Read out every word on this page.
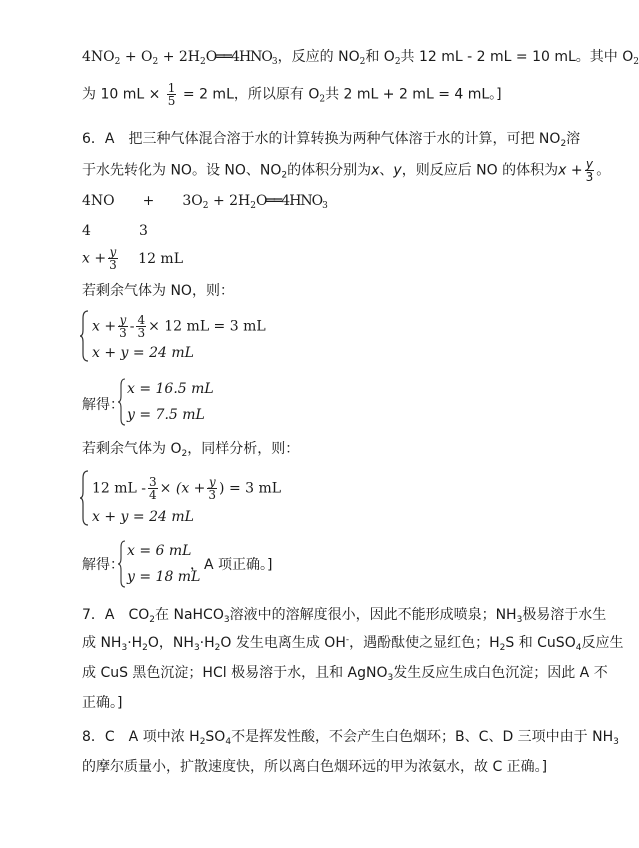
$4NO_2 + O_2$ + $2H_2O══4HNO_3$，反应的 $NO_2$和 $O_2$共 12 mL - 2 mL = 10 mL。其中 $O_2$
为 10 mL × $\frac{1}{5} = 2$ mL，所以原有 $O_2$共 2 mL + 2 mL = 4 mL。]
6．A　把三种气体混合溶于水的计算转换为两种气体溶于水的计算，可把 $NO_2$溶
于水先转化为 NO。设 NO、$NO_2$的体积分别为x、y，则反应后 NO 的体积为$x + \frac{y}{3}$ 。
4NO　　+　　$3O_2$ + $2H_2O══4HNO_3$
4	3
$x + \frac{y}{3} 12$ mL
若剩余气体为 NO，则：
$x + \frac{y}{3} - \frac{4}{3} \times 12$ mL = 3 mL
x + y = 24 mL
解得：
x = 16.5 mL
y = 7.5 mL
若剩余气体为 $O_2$，同样分析，则：
12 mL - $\frac{3}{4} \times (x + \frac{y}{3}$ ) = 3 mL
x + y = 24 mL
解得：
x = 6 mL
y = 18 mL
，A 项正确。]
7．A　$CO_2$在 NaHCO$_3$溶液中的溶解度很小，因此不能形成喷泉；$NH_3$极易溶于水生
成 $NH_3\cdot H_2O$，$NH_3\cdot H_2O$ 发生电离生成 OH-，遇酚酞使之显红色；$H_2S$ 和 CuSO$_4$反应生
成 CuS 黑色沉淀；HCl 极易溶于水，且和 AgNO$_3$发生反应生成白色沉淀；因此 A 不
正确。]
8．C　A 项中浓 $H_2SO_4$不是挥发性酸，不会产生白色烟环；B、C、D 三项中由于 $NH_3$
的摩尔质量小，扩散速度快，所以离白色烟环远的甲为浓氨水，故 C 正确。]
